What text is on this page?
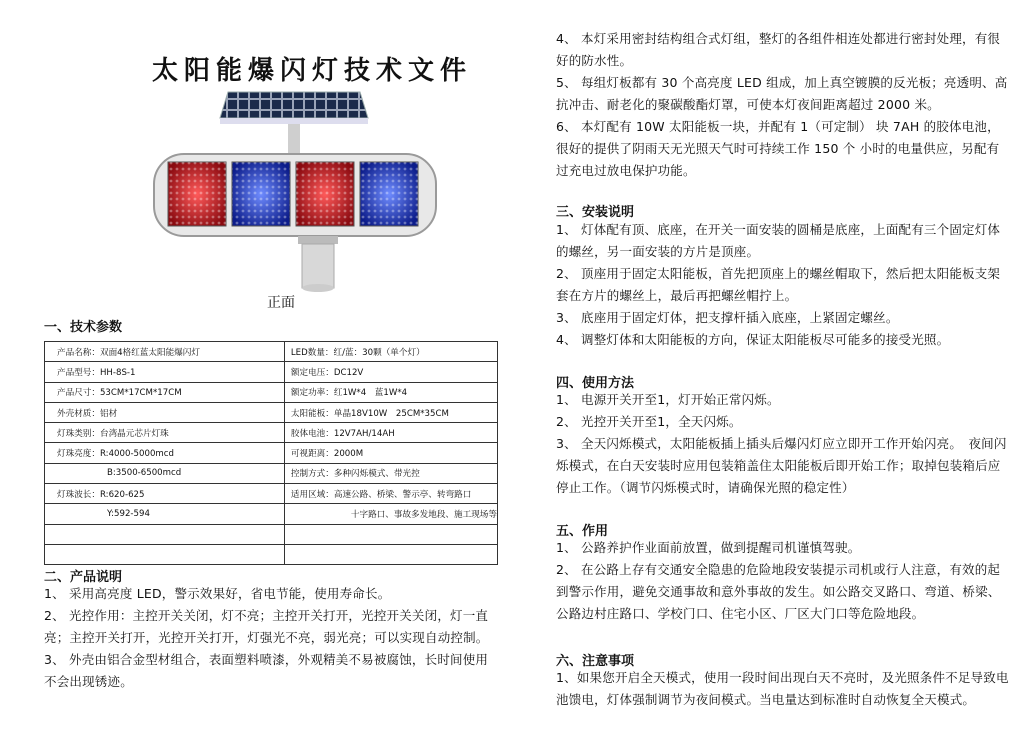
太阳能爆闪灯技术文件
正面
一、技术参数
产品名称：双面4格红蓝太阳能爆闪灯	LED数量：红/蓝：30颗（单个灯）
产品型号：HH-8S-1	额定电压：DC12V
产品尺寸：53CM*17CM*17CM	额定功率：红1W*4　蓝1W*4
外壳材质：铝材	太阳能板：单晶18V10W　25CM*35CM
灯珠类别：台湾晶元芯片灯珠	胶体电池：12V7AH/14AH
灯珠亮度：R:4000-5000mcd	可视距离：2000M
B:3500-6500mcd	控制方式：多种闪烁模式、带光控
灯珠波长：R:620-625	适用区域：高速公路、桥梁、警示亭、转弯路口
Y:592-594	十字路口、事故多发地段、施工现场等

二、产品说明

1、 采用高亮度 LED，警示效果好，省电节能，使用寿命长。

2、 光控作用：主控开关关闭，灯不亮；主控开关打开，光控开关关闭，灯一直亮；主控开关打开，光控开关打开，灯强光不亮，弱光亮；可以实现自动控制。

3、 外壳由铝合金型材组合，表面塑料喷漆，外观精美不易被腐蚀，长时间使用不会出现锈迹。

4、 本灯采用密封结构组合式灯组，整灯的各组件相连处都进行密封处理，有很好的防水性。

5、 每组灯板都有 30 个高亮度 LED 组成，加上真空镀膜的反光板；亮透明、高抗冲击、耐老化的聚碳酸酯灯罩，可使本灯夜间距离超过 2000 米。

6、 本灯配有 10W 太阳能板一块，并配有 1（可定制） 块 7AH 的胶体电池，很好的提供了阴雨天无光照天气时可持续工作 150 个 小时的电量供应，另配有过充电过放电保护功能。

三、安装说明

1、 灯体配有顶、底座，在开关一面安装的圆桶是底座，上面配有三个固定灯体的螺丝，另一面安装的方片是顶座。

2、 顶座用于固定太阳能板，首先把顶座上的螺丝帽取下，然后把太阳能板支架套在方片的螺丝上，最后再把螺丝帽拧上。

3、 底座用于固定灯体，把支撑杆插入底座，上紧固定螺丝。

4、 调整灯体和太阳能板的方向，保证太阳能板尽可能多的接受光照。

四、使用方法

1、 电源开关开至1，灯开始正常闪烁。

2、 光控开关开至1，全天闪烁。

3、 全天闪烁模式，太阳能板插上插头后爆闪灯应立即开工作开始闪亮。　夜间闪烁模式，在白天安装时应用包装箱盖住太阳能板后即开始工作；取掉包装箱后应停止工作。（调节闪烁模式时，请确保光照的稳定性）

五、作用

1、 公路养护作业面前放置，做到提醒司机谨慎驾驶。

2、 在公路上存有交通安全隐患的危险地段安装提示司机或行人注意，有效的起到警示作用，避免交通事故和意外事故的发生。如公路交叉路口、弯道、桥梁、公路边村庄路口、学校门口、住宅小区、厂区大门口等危险地段。

六、注意事项

1、如果您开启全天模式，使用一段时间出现白天不亮时，及光照条件不足导致电池馈电，灯体强制调节为夜间模式。当电量达到标准时自动恢复全天模式。
